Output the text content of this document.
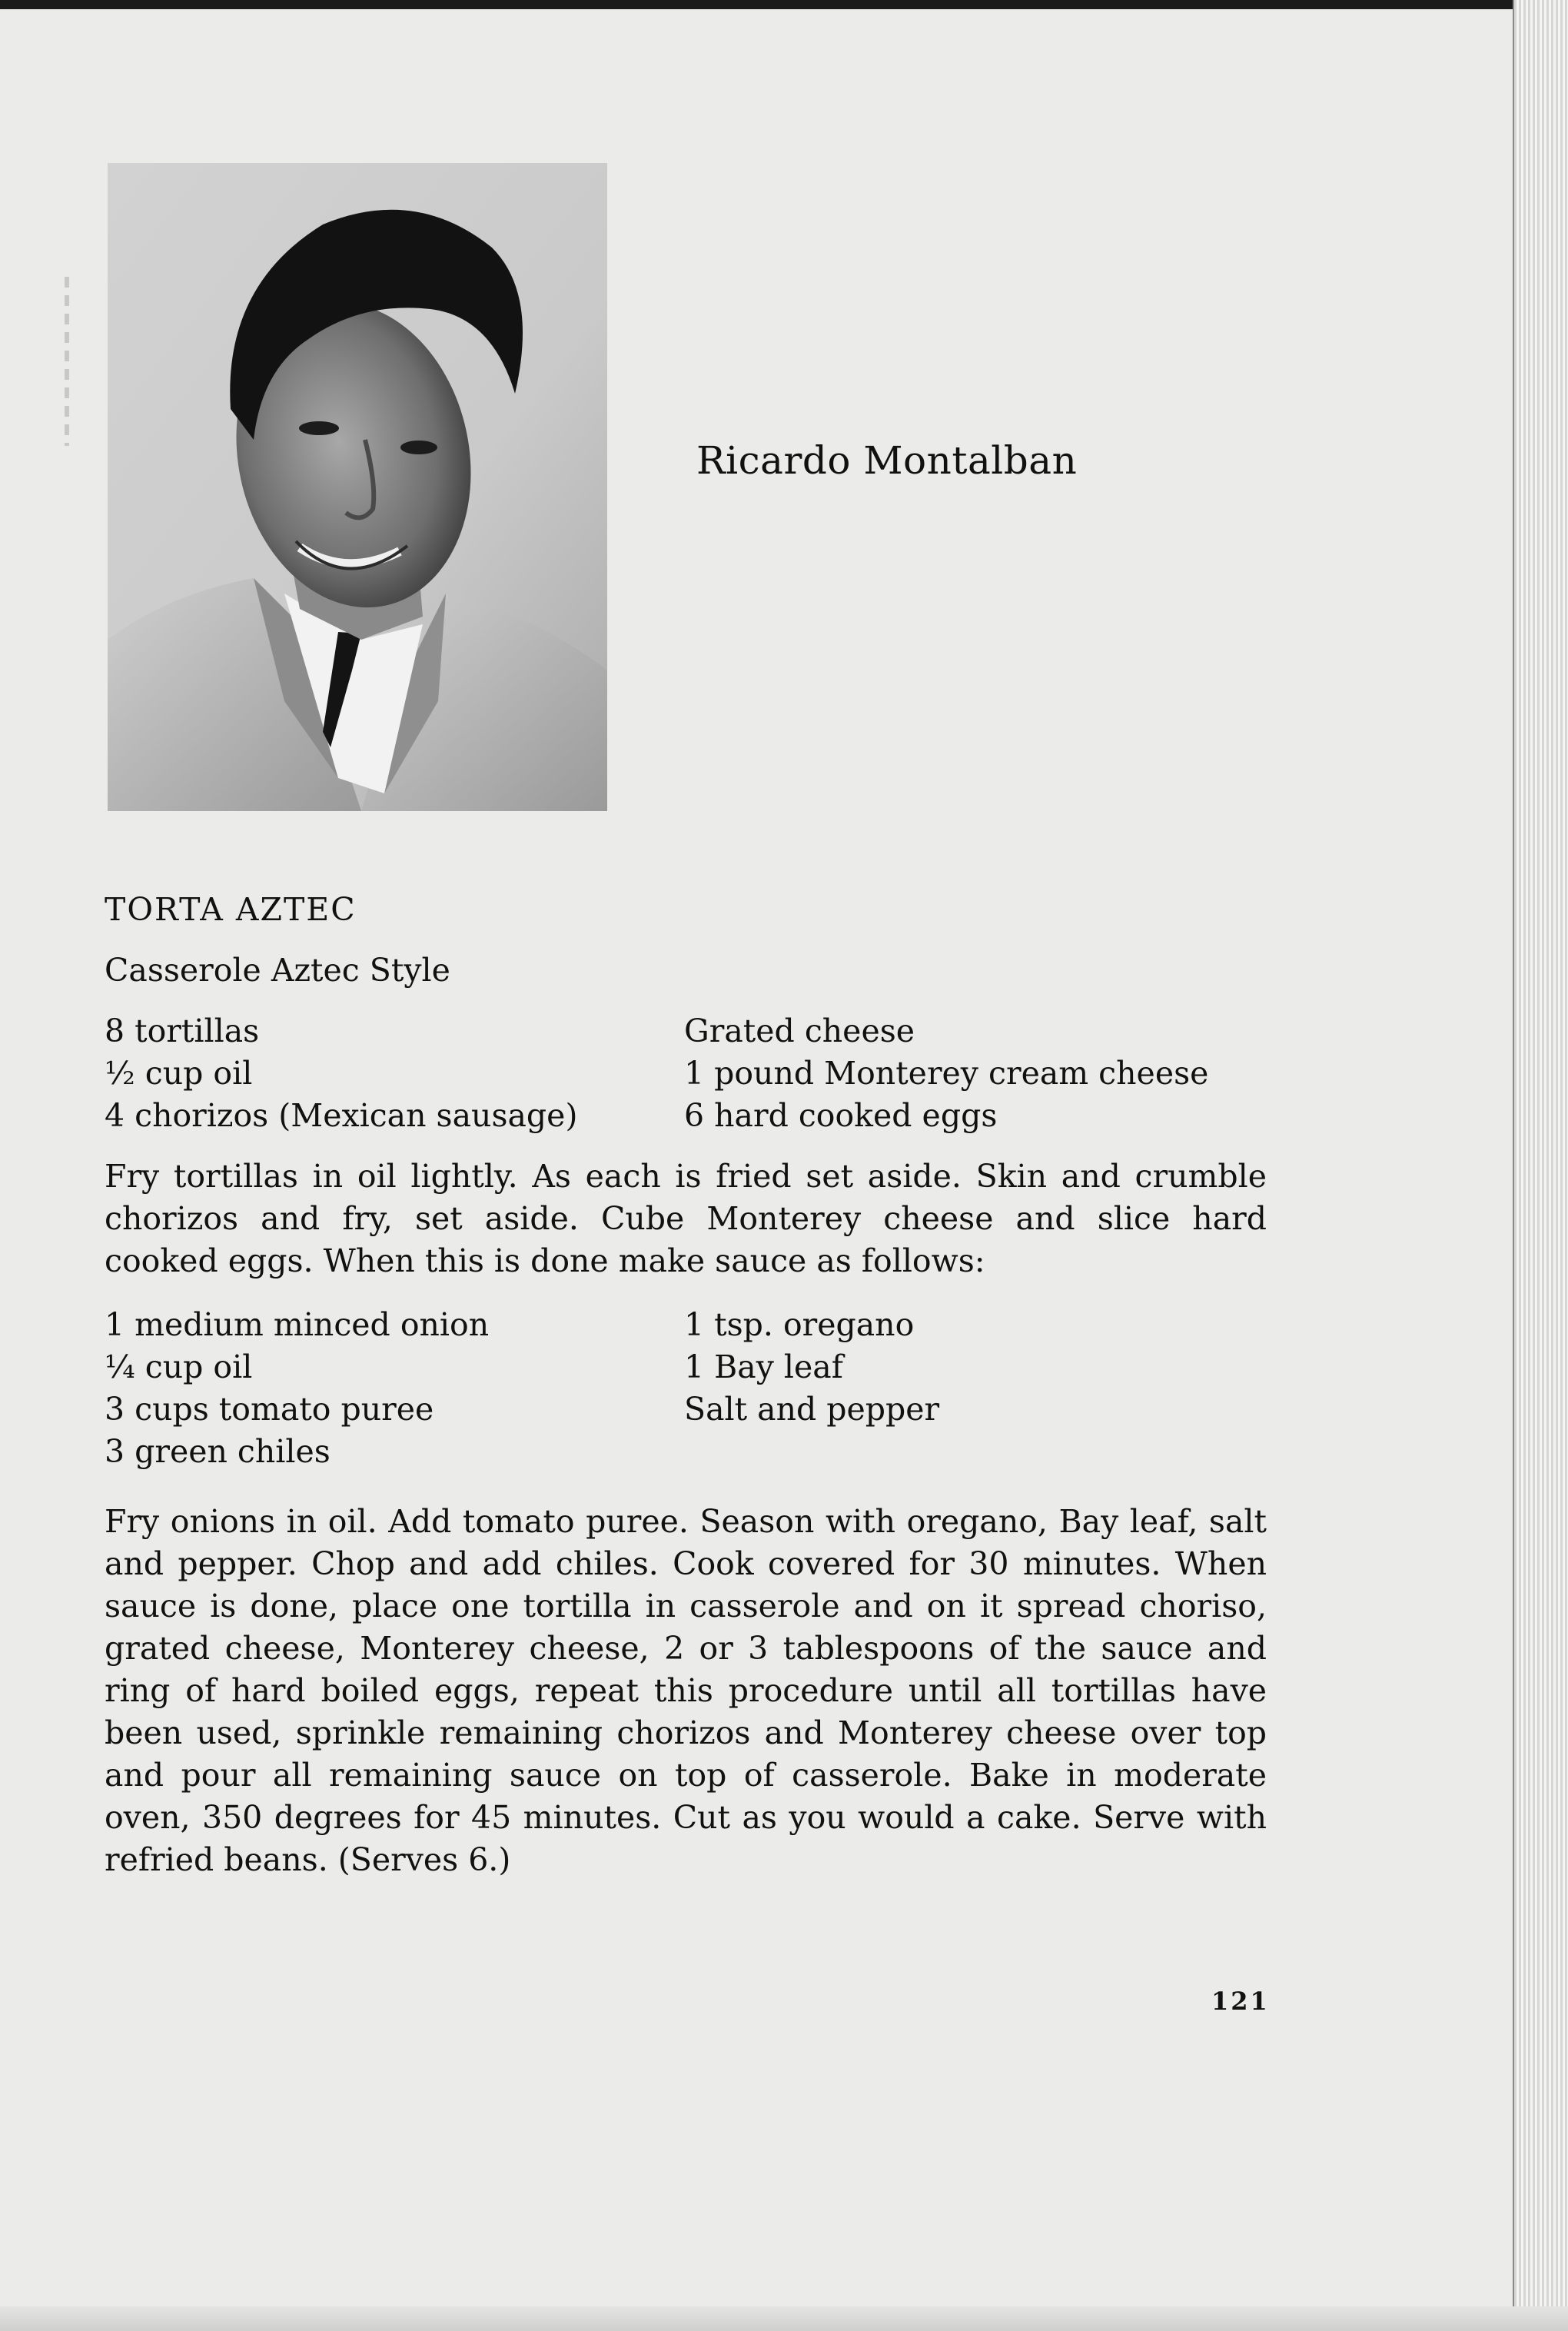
Ricardo Montalban
TORTA AZTEC
Casserole Aztec Style
8 tortillas
½ cup oil
4 chorizos (Mexican sausage)
Grated cheese
1 pound Monterey cream cheese
6 hard cooked eggs

Fry tortillas in oil lightly. As each is fried set aside. Skin and crumble chorizos and fry, set aside. Cube Monterey cheese and slice hard cooked eggs. When this is done make sauce as follows:

1 medium minced onion
¼ cup oil
3 cups tomato puree
3 green chiles
1 tsp. oregano
1 Bay leaf
Salt and pepper

Fry onions in oil. Add tomato puree. Season with oregano, Bay leaf, salt and pepper. Chop and add chiles. Cook covered for 30 minutes. When sauce is done, place one tortilla in casserole and on it spread choriso, grated cheese, Monterey cheese, 2 or 3 tablespoons of the sauce and ring of hard boiled eggs, repeat this procedure until all tortillas have been used, sprinkle remaining chorizos and Monterey cheese over top and pour all remaining sauce on top of casserole. Bake in moderate oven, 350 degrees for 45 minutes. Cut as you would a cake. Serve with refried beans. (Serves 6.)

121
